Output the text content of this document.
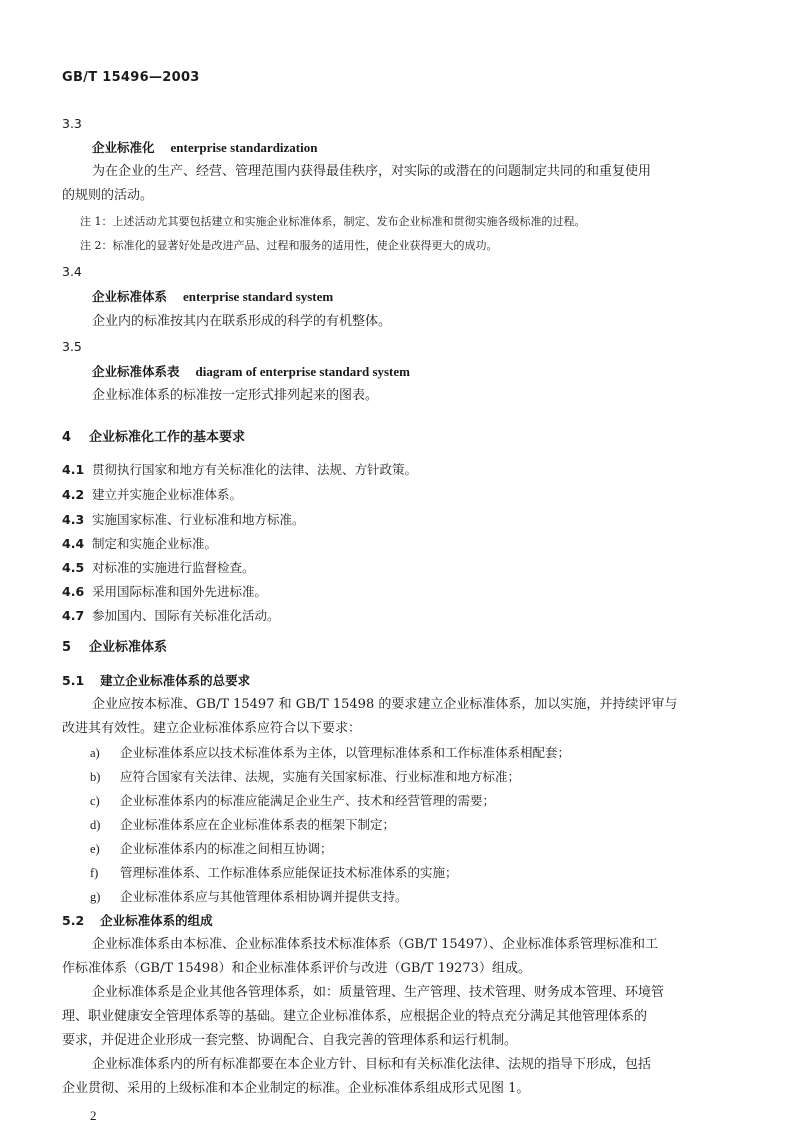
GB/T 15496—2003
3.3
企业标准化 enterprise standardization
为在企业的生产、经营、管理范围内获得最佳秩序，对实际的或潜在的问题制定共同的和重复使用
的规则的活动。
注 1：上述活动尤其要包括建立和实施企业标准体系，制定、发布企业标准和贯彻实施各级标准的过程。
注 2：标准化的显著好处是改进产品、过程和服务的适用性，使企业获得更大的成功。
3.4
企业标准体系 enterprise standard system
企业内的标准按其内在联系形成的科学的有机整体。
3.5
企业标准体系表 diagram of enterprise standard system
企业标准体系的标准按一定形式排列起来的图表。
4 企业标准化工作的基本要求
4.1 贯彻执行国家和地方有关标准化的法律、法规、方针政策。
4.2 建立并实施企业标准体系。
4.3 实施国家标准、行业标准和地方标准。
4.4 制定和实施企业标准。
4.5 对标准的实施进行监督检查。
4.6 采用国际标准和国外先进标准。
4.7 参加国内、国际有关标准化活动。
5 企业标准体系
5.1 建立企业标准体系的总要求
企业应按本标准、GB/T 15497 和 GB/T 15498 的要求建立企业标准体系，加以实施，并持续评审与
改进其有效性。建立企业标准体系应符合以下要求：
a) 企业标准体系应以技术标准体系为主体，以管理标准体系和工作标准体系相配套；
b) 应符合国家有关法律、法规，实施有关国家标准、行业标准和地方标准；
c) 企业标准体系内的标准应能满足企业生产、技术和经营管理的需要；
d) 企业标准体系应在企业标准体系表的框架下制定；
e) 企业标准体系内的标准之间相互协调；
f) 管理标准体系、工作标准体系应能保证技术标准体系的实施；
g) 企业标准体系应与其他管理体系相协调并提供支持。
5.2 企业标准体系的组成
企业标准体系由本标准、企业标准体系技术标准体系（GB/T 15497）、企业标准体系管理标准和工
作标准体系（GB/T 15498）和企业标准体系评价与改进（GB/T 19273）组成。
企业标准体系是企业其他各管理体系，如：质量管理、生产管理、技术管理、财务成本管理、环境管
理、职业健康安全管理体系等的基础。建立企业标准体系，应根据企业的特点充分满足其他管理体系的
要求，并促进企业形成一套完整、协调配合、自我完善的管理体系和运行机制。
企业标准体系内的所有标准都要在本企业方针、目标和有关标准化法律、法规的指导下形成，包括
企业贯彻、采用的上级标准和本企业制定的标准。企业标准体系组成形式见图 1。
2
